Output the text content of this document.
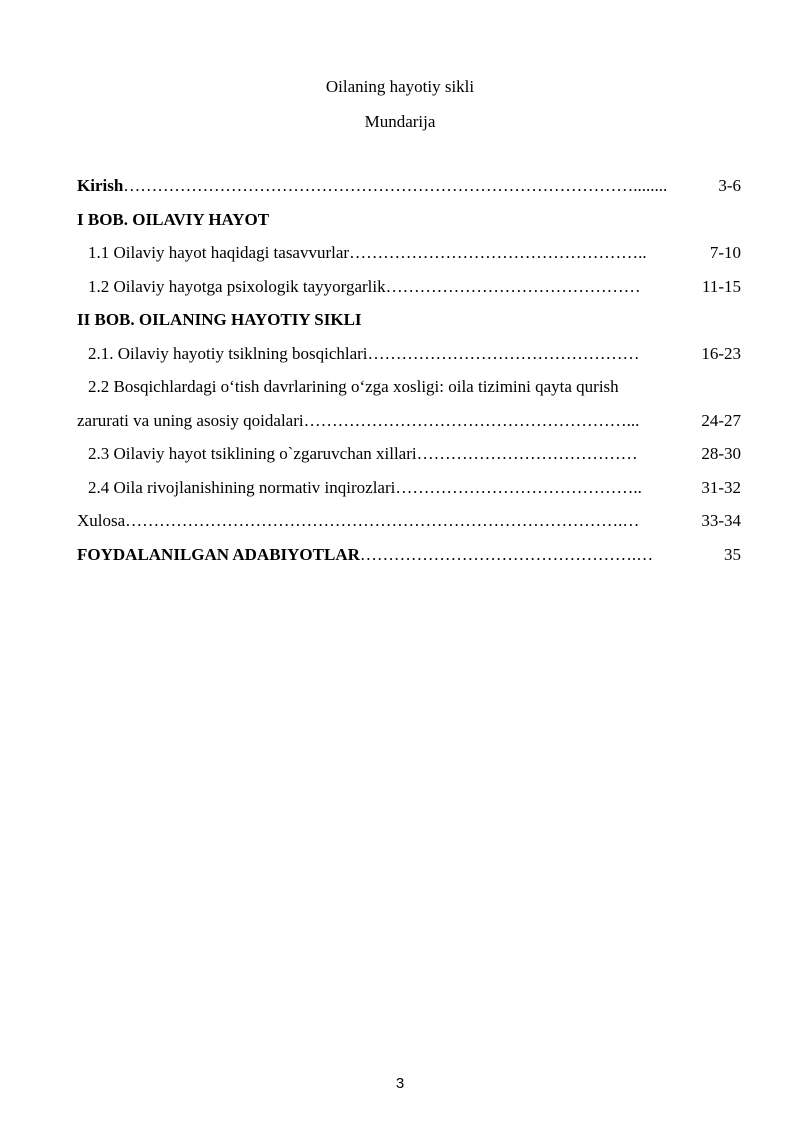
Oilaning hayotiy sikli
Mundarija
Kirish………………………………………………………………………………........	3-6
I BOB. OILAVIY HAYOT
1.1 Oilaviy hayot haqidagi tasavvurlar……………………………………………..	7-10
1.2 Oilaviy hayotga psixologik tayyorgarlik………………………………………	11-15
II BOB. OILANING HAYOTIY SIKLI
2.1. Oilaviy hayotiy tsiklning bosqichlari…………………………………………	16-23
2.2 Bosqichlardagi o‘tish davrlarining o‘zga xosligi: oila tizimini qayta qurish
zarurati va uning asosiy qoidalari…………………………………………………...	24-27
2.3 Oilaviy hayot tsiklining o`zgaruvchan xillari…………………………………	28-30
2.4 Oila rivojlanishining normativ inqirozlari……………………………………..	31-32
Xulosa…………………………………………………………………………….…	33-34
FOYDALANILGAN ADABIYOTLAR………………………………………….…	35
3
